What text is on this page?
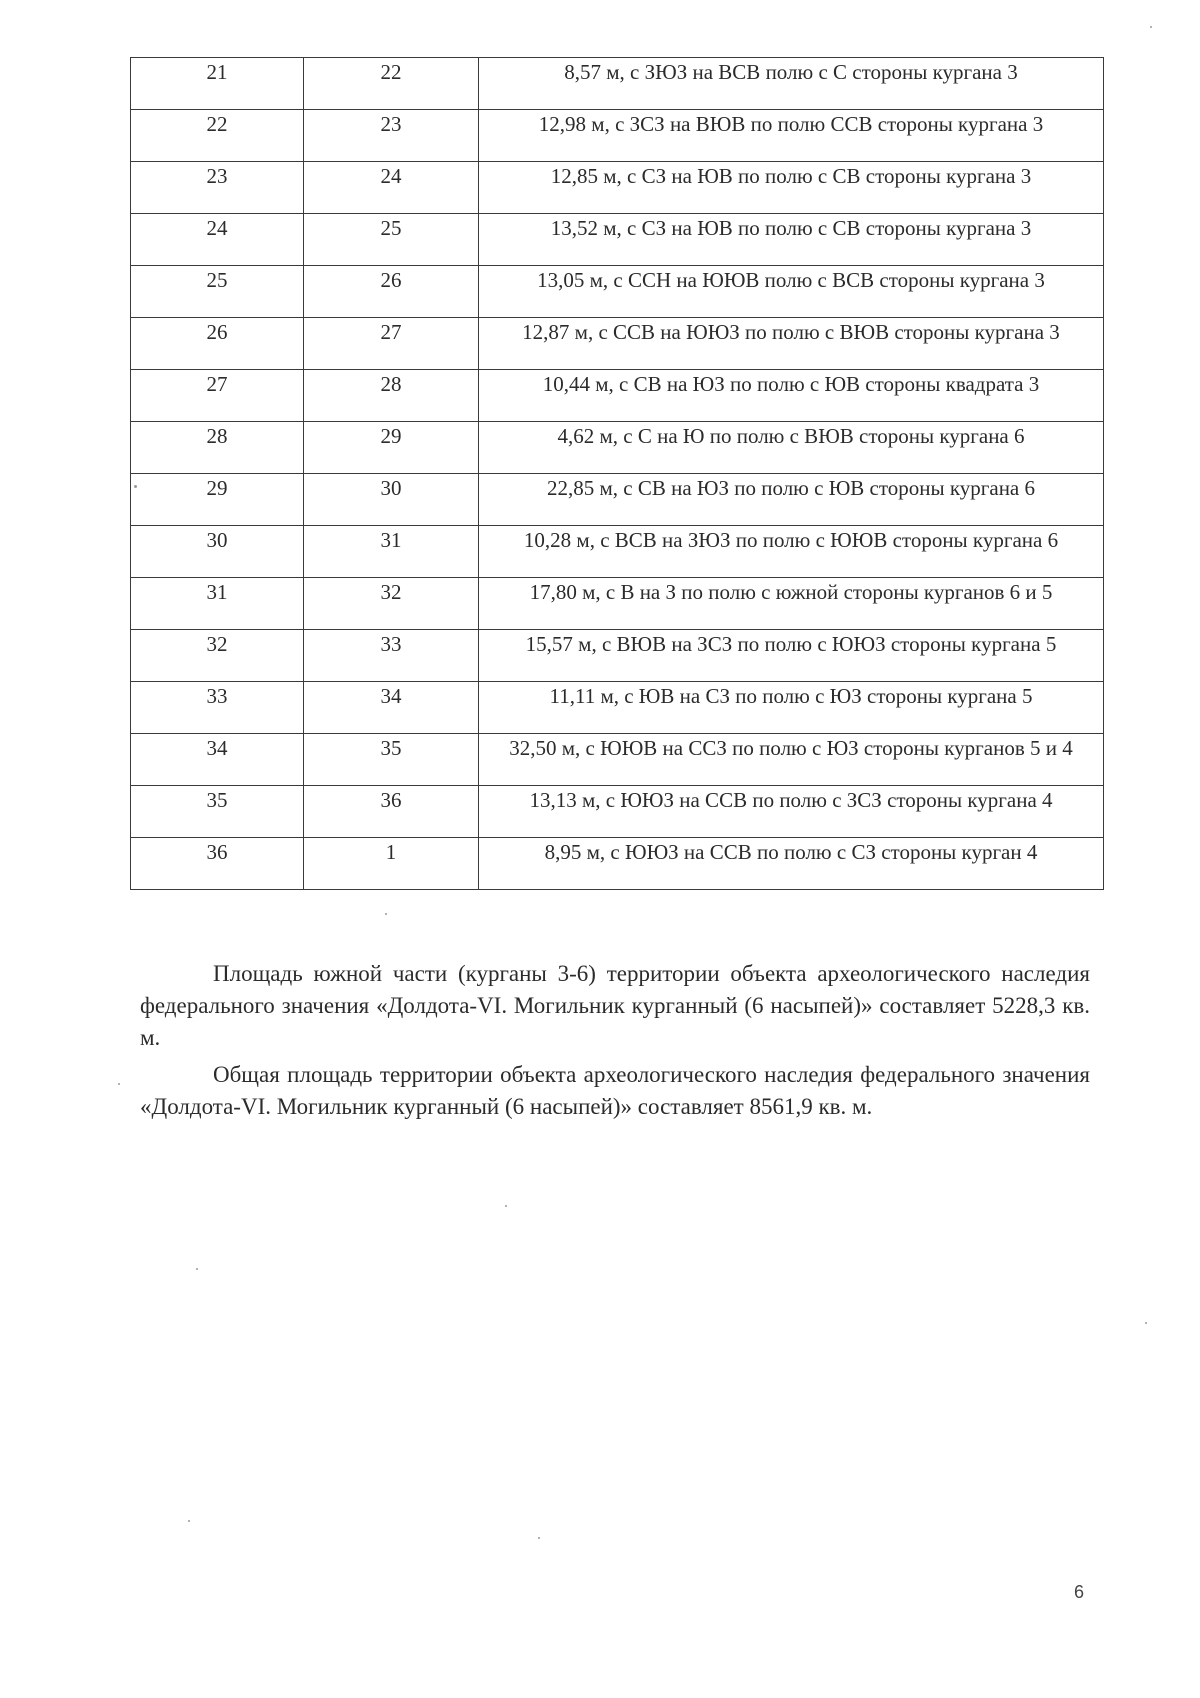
21	22	8,57 м, с ЗЮЗ на ВСВ полю с С стороны кургана 3
22	23	12,98 м, с ЗСЗ на ВЮВ по полю ССВ стороны кургана 3
23	24	12,85 м, с СЗ на ЮВ по полю с СВ стороны кургана 3
24	25	13,52 м, с СЗ на ЮВ по полю с СВ стороны кургана 3
25	26	13,05 м, с ССН на ЮЮВ полю с ВСВ стороны кургана 3
26	27	12,87 м, с ССВ на ЮЮЗ по полю с ВЮВ стороны кургана 3
27	28	10,44 м, с СВ на ЮЗ по полю с ЮВ стороны квадрата 3
28	29	4,62 м, с С на Ю по полю с ВЮВ стороны кургана 6
29	30	22,85 м, с СВ на ЮЗ по полю с ЮВ стороны кургана 6
30	31	10,28 м, с ВСВ на ЗЮЗ по полю с ЮЮВ стороны кургана 6
31	32	17,80 м, с В на З по полю с южной стороны курганов 6 и 5
32	33	15,57 м, с ВЮВ на ЗСЗ по полю с ЮЮЗ стороны кургана 5
33	34	11,11 м, с ЮВ на СЗ по полю с ЮЗ стороны кургана 5
34	35	32,50 м, с ЮЮВ на ССЗ по полю с ЮЗ стороны курганов 5 и 4
35	36	13,13 м, с ЮЮЗ на ССВ по полю с ЗСЗ стороны кургана 4
36	1	8,95 м, с ЮЮЗ на ССВ по полю с СЗ стороны курган 4

Площадь южной части (курганы 3-6) территории объекта археологического наследия федерального значения «Долдота-VI. Могильник курганный (6 насыпей)» составляет 5228,3 кв. м.

Общая площадь территории объекта археологического наследия федерального значения «Долдота-VI. Могильник курганный (6 насыпей)» составляет 8561,9 кв. м.

6
